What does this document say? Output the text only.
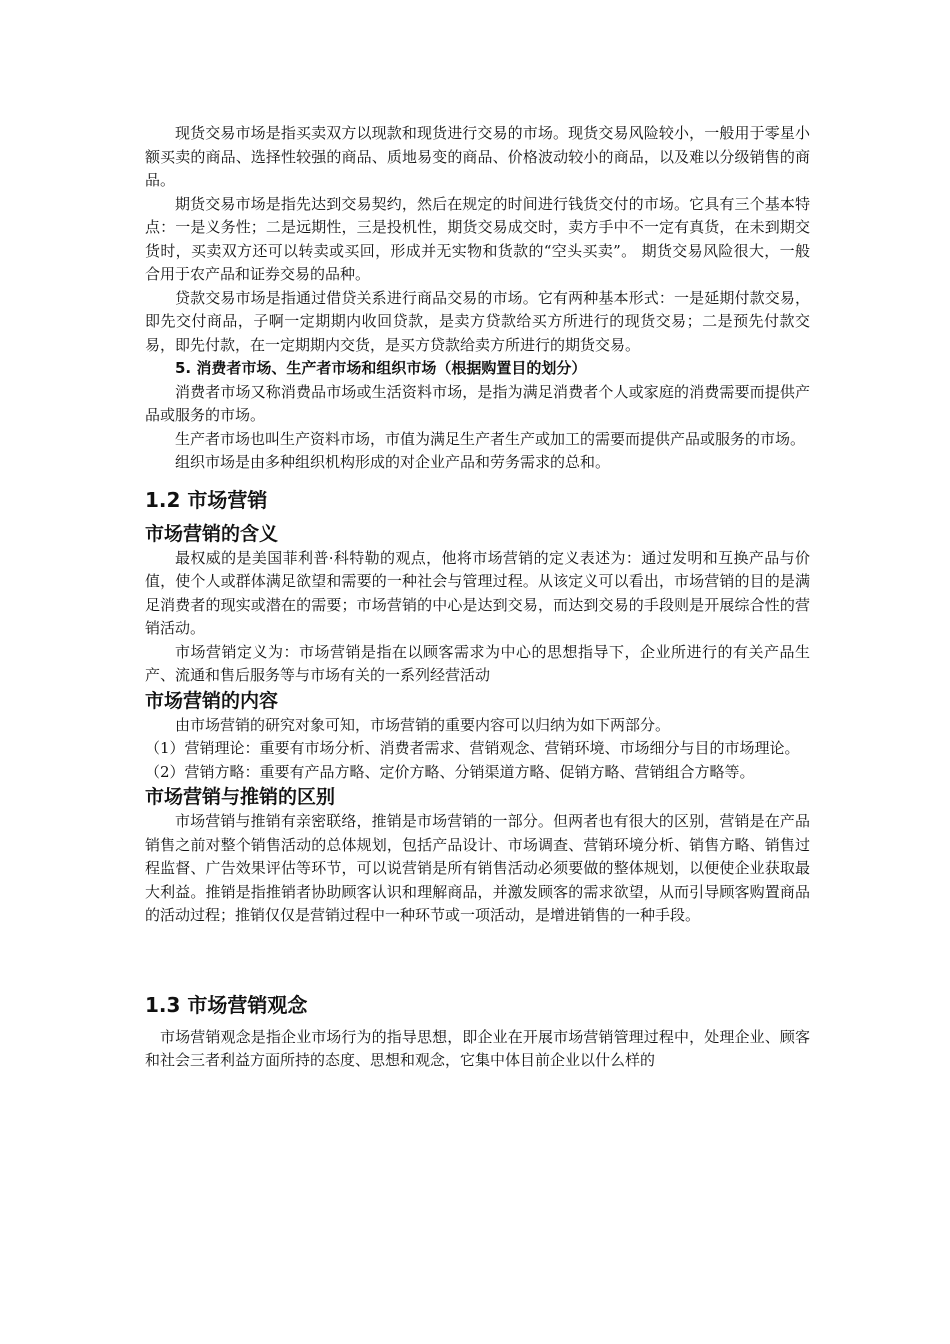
现货交易市场是指买卖双方以现款和现货进行交易的市场。现货交易风险较小，一般用于零星小额买卖的商品、选择性较强的商品、质地易变的商品、价格波动较小的商品，以及难以分级销售的商品。

期货交易市场是指先达到交易契约，然后在规定的时间进行钱货交付的市场。它具有三个基本特点：一是义务性；二是远期性，三是投机性，期货交易成交时，卖方手中不一定有真货，在未到期交货时，买卖双方还可以转卖或买回，形成并无实物和货款的“空头买卖”。 期货交易风险很大，一般合用于农产品和证券交易的品种。

贷款交易市场是指通过借贷关系进行商品交易的市场。它有两种基本形式：一是延期付款交易，即先交付商品，子啊一定期期内收回贷款，是卖方贷款给买方所进行的现货交易；二是预先付款交易，即先付款，在一定期期内交货，是买方贷款给卖方所进行的期货交易。

5. 消费者市场、生产者市场和组织市场（根据购置目的划分）

消费者市场又称消费品市场或生活资料市场，是指为满足消费者个人或家庭的消费需要而提供产品或服务的市场。

生产者市场也叫生产资料市场，市值为满足生产者生产或加工的需要而提供产品或服务的市场。

组织市场是由多种组织机构形成的对企业产品和劳务需求的总和。

1.2 市场营销
市场营销的含义

最权威的是美国菲利普·科特勒的观点，他将市场营销的定义表述为：通过发明和互换产品与价值，使个人或群体满足欲望和需要的一种社会与管理过程。从该定义可以看出，市场营销的目的是满足消费者的现实或潜在的需要；市场营销的中心是达到交易，而达到交易的手段则是开展综合性的营销活动。

市场营销定义为：市场营销是指在以顾客需求为中心的思想指导下，企业所进行的有关产品生产、流通和售后服务等与市场有关的一系列经营活动

市场营销的内容

由市场营销的研究对象可知，市场营销的重要内容可以归纳为如下两部分。

（1）营销理论：重要有市场分析、消费者需求、营销观念、营销环境、市场细分与目的市场理论。

（2）营销方略：重要有产品方略、定价方略、分销渠道方略、促销方略、营销组合方略等。

市场营销与推销的区别

市场营销与推销有亲密联络，推销是市场营销的一部分。但两者也有很大的区别，营销是在产品销售之前对整个销售活动的总体规划，包括产品设计、市场调查、营销环境分析、销售方略、销售过程监督、广告效果评估等环节，可以说营销是所有销售活动必须要做的整体规划，以便使企业获取最大利益。推销是指推销者协助顾客认识和理解商品，并激发顾客的需求欲望，从而引导顾客购置商品的活动过程；推销仅仅是营销过程中一种环节或一项活动，是增进销售的一种手段。

1.3 市场营销观念

市场营销观念是指企业市场行为的指导思想，即企业在开展市场营销管理过程中，处理企业、顾客和社会三者利益方面所持的态度、思想和观念，它集中体目前企业以什么样的
